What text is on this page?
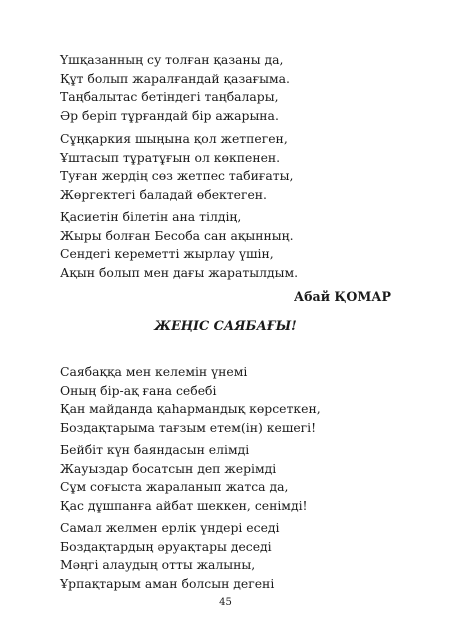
Үшқазанның су толған қазаны да,
Құт болып жаралғандай қазағыма.
Таңбалытас бетіндегі таңбалары,
Әр беріп тұрғандай бір ажарына.
Сұңқаркия шыңына қол жетпеген,
Ұштасып тұратұғын ол көкпенен.
Туған жердің сөз жетпес табиғаты,
Жөргектегі баладай өбектеген.
Қасиетін білетін ана тілдің,
Жыры болған Бесоба сан ақынның.
Сендегі кереметті жырлау үшін,
Ақын болып мен дағы жаратылдым.
Абай ҚОМАР
ЖЕҢІС САЯБАҒЫ!
Саябаққа мен келемін үнемі
Оның бір-ақ ғана себебі
Қан майданда қаһармандық көрсеткен,
Боздақтарыма тағзым етем(ін) кешегі!
Бейбіт күн баяндасын елімді
Жауыздар босатсын деп жерімді
Сұм соғыста жараланып жатса да,
Қас дұшпанға айбат шеккен, сенімді!
Самал желмен ерлік үндері еседі
Боздақтардың әруақтары деседі
Мәңгі алаудың отты жалыны,
Ұрпақтарым аман болсын дегені
45
